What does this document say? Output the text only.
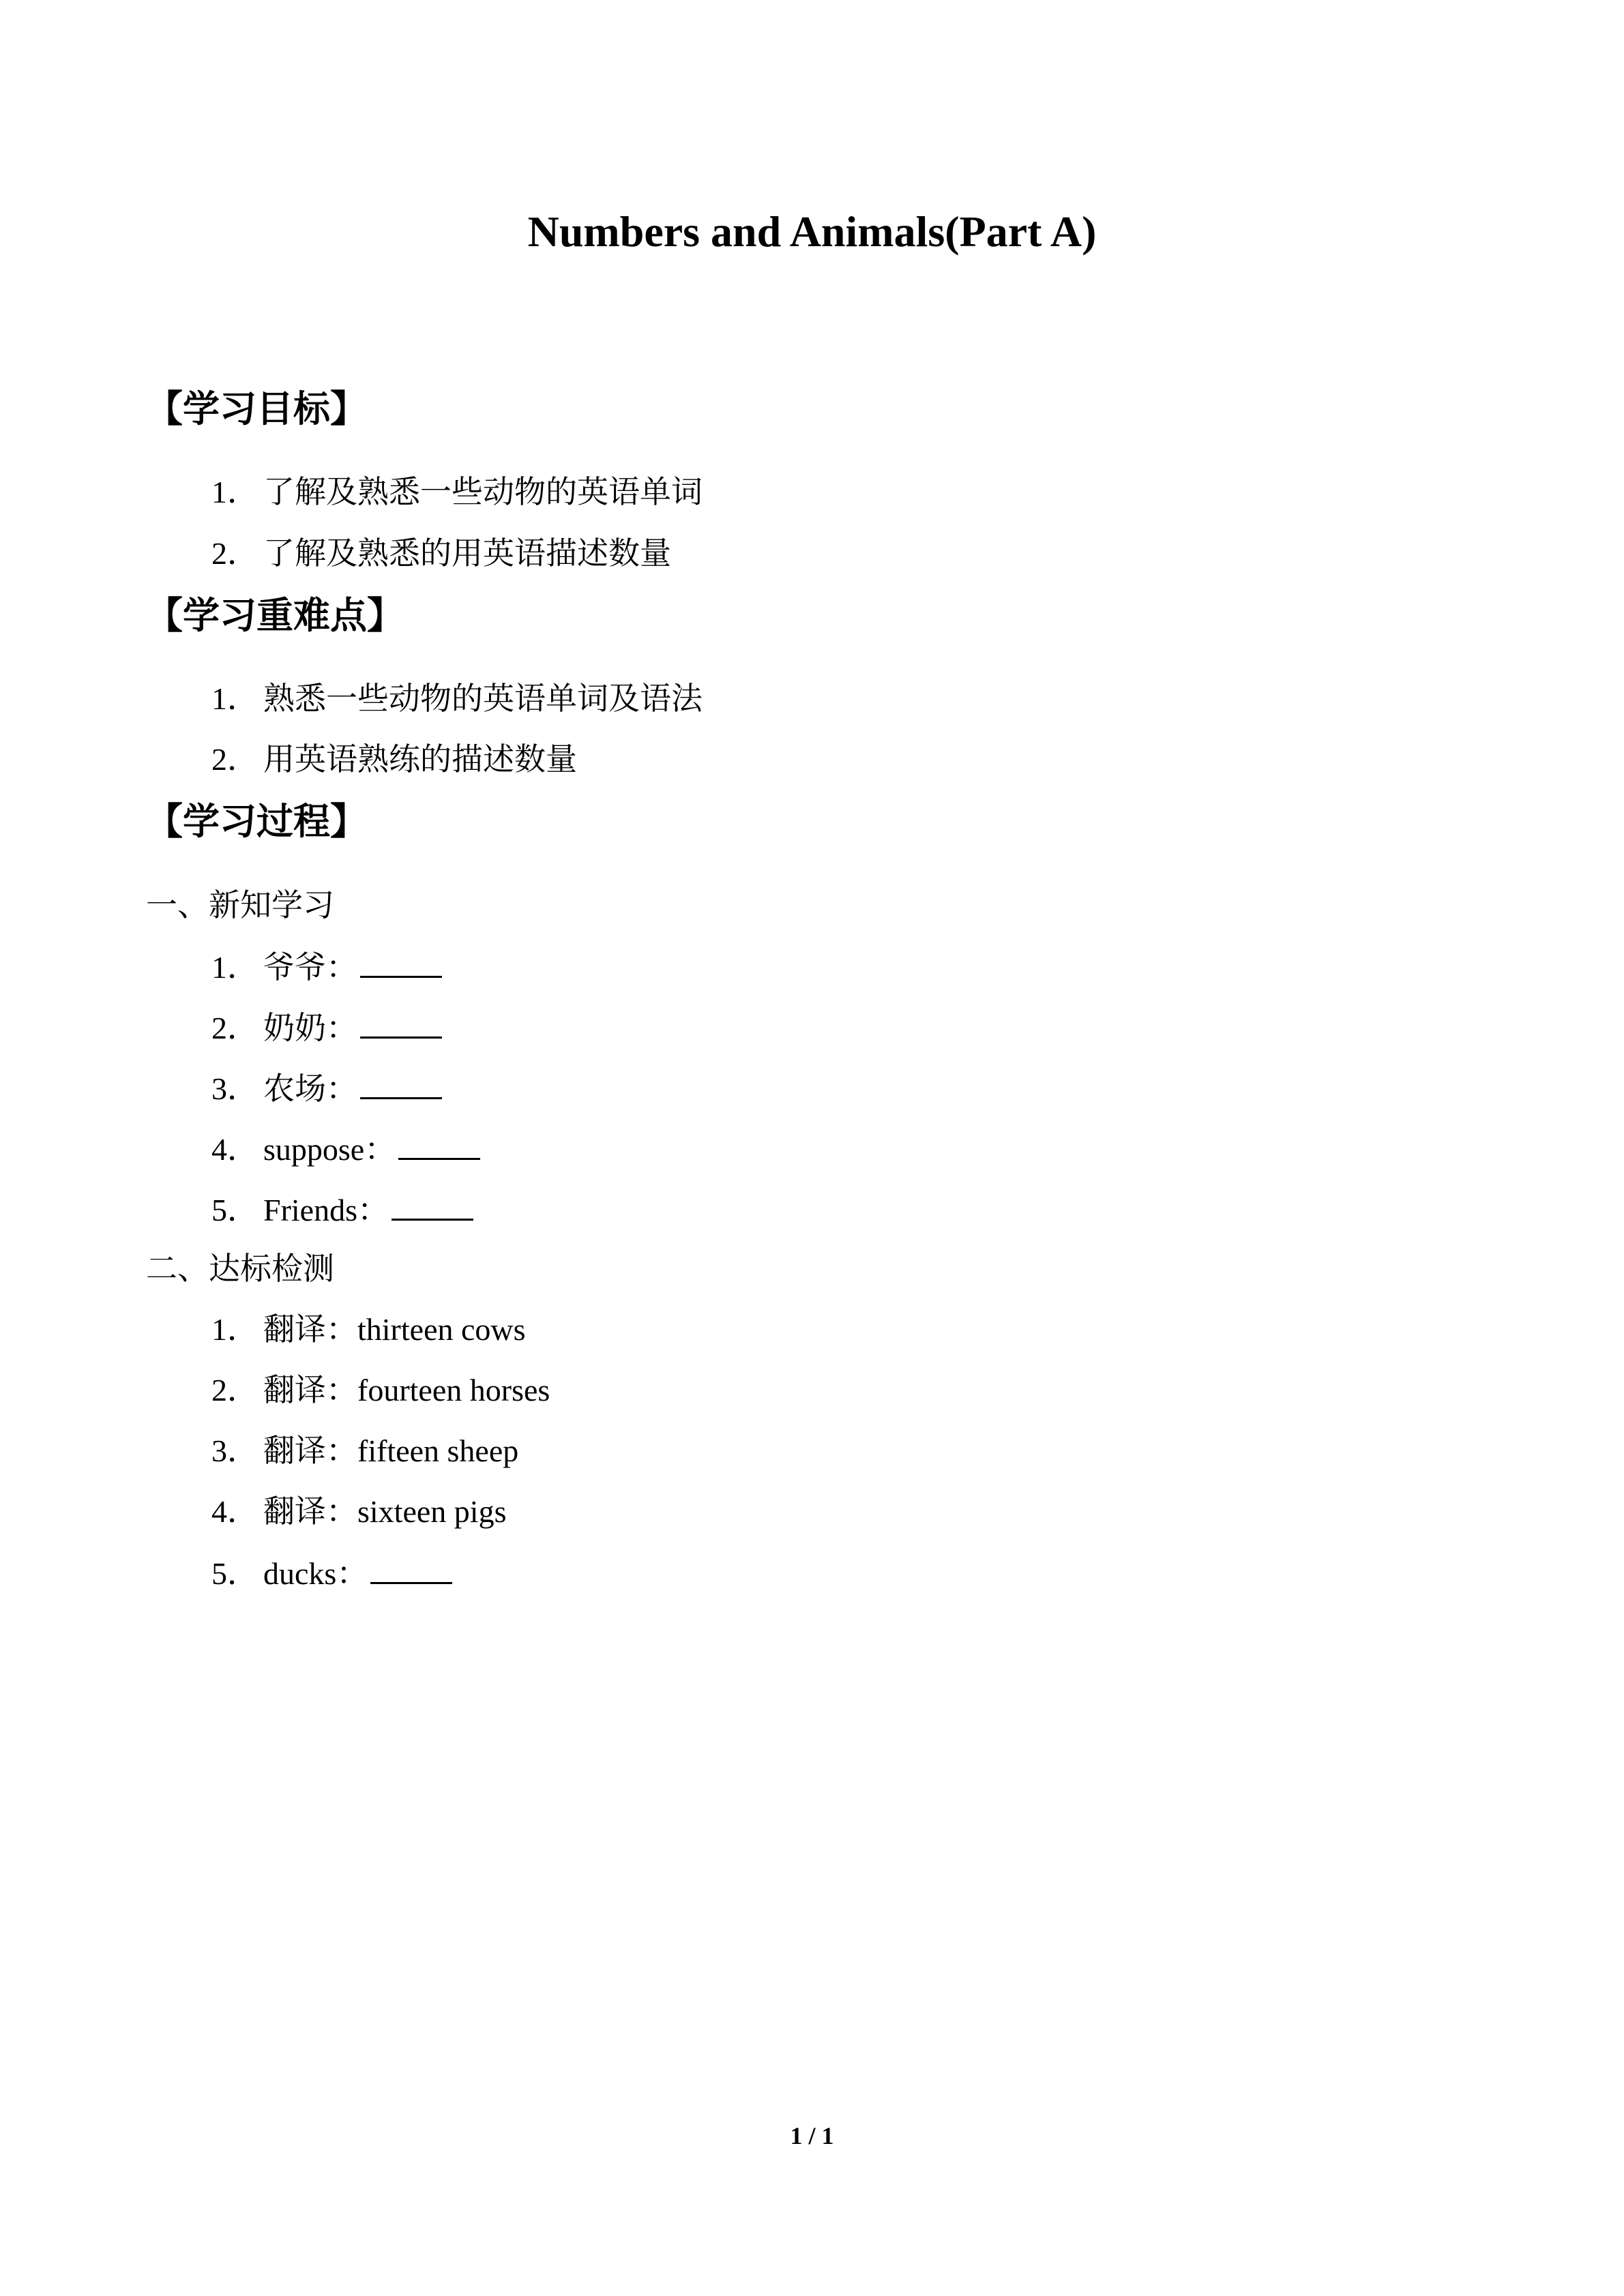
Numbers and Animals(Part A)
【学习目标】
1． 了解及熟悉一些动物的英语单词
2． 了解及熟悉的用英语描述数量
【学习重难点】
1． 熟悉一些动物的英语单词及语法
2． 用英语熟练的描述数量
【学习过程】
一、新知学习
1． 爷爷：
2． 奶奶：
3． 农场：
4． suppose：
5． Friends：
二、达标检测
1． 翻译：thirteen cows
2． 翻译：fourteen horses
3． 翻译：fifteen sheep
4． 翻译：sixteen pigs
5． ducks：
1 / 1
